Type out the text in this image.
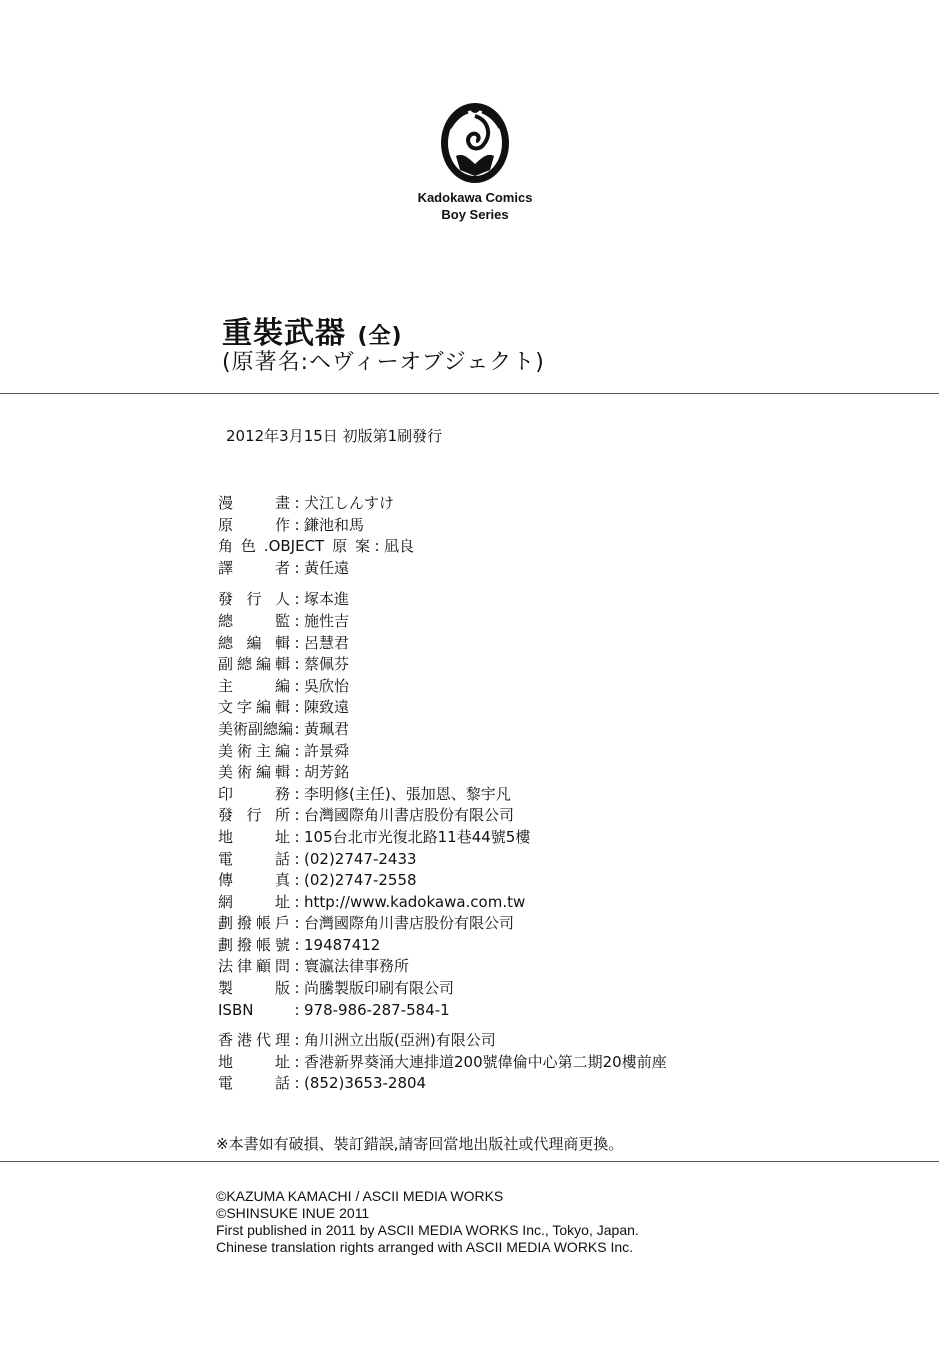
Kadokawa Comics
Boy Series
重裝武器 (全)
(原著名:ヘヴィーオブジェクト)
2012年3月15日 初版第1刷發行
漫畫 : 犬江しんすけ
原作 : 鎌池和馬
角色.OBJECT原案 : 凪良
譯者 : 黃任遠
發行人 : 塚本進
總監 : 施性吉
總編輯 : 呂慧君
副總編輯 : 蔡佩芬
主編 : 吳欣怡
文字編輯 : 陳致遠
美術副總編 : 黃珮君
美術主編 : 許景舜
美術編輯 : 胡芳銘
印務 : 李明修(主任)、張加恩、黎宇凡
發行所 : 台灣國際角川書店股份有限公司
地址 : 105台北市光復北路11巷44號5樓
電話 : (02)2747-2433
傳真 : (02)2747-2558
網址 : http://www.kadokawa.com.tw
劃撥帳戶 : 台灣國際角川書店股份有限公司
劃撥帳號 : 19487412
法律顧問 : 寰瀛法律事務所
製版 : 尚騰製版印刷有限公司
ISBN	: 978-986-287-584-1
香港代理 : 角川洲立出版(亞洲)有限公司
地址 : 香港新界葵涌大連排道200號偉倫中心第二期20樓前座
電話 : (852)3653-2804
※本書如有破損、裝訂錯誤,請寄回當地出版社或代理商更換。
©KAZUMA KAMACHI / ASCII MEDIA WORKS
©SHINSUKE INUE 2011
First published in 2011 by ASCII MEDIA WORKS Inc., Tokyo, Japan.
Chinese translation rights arranged with ASCII MEDIA WORKS Inc.
